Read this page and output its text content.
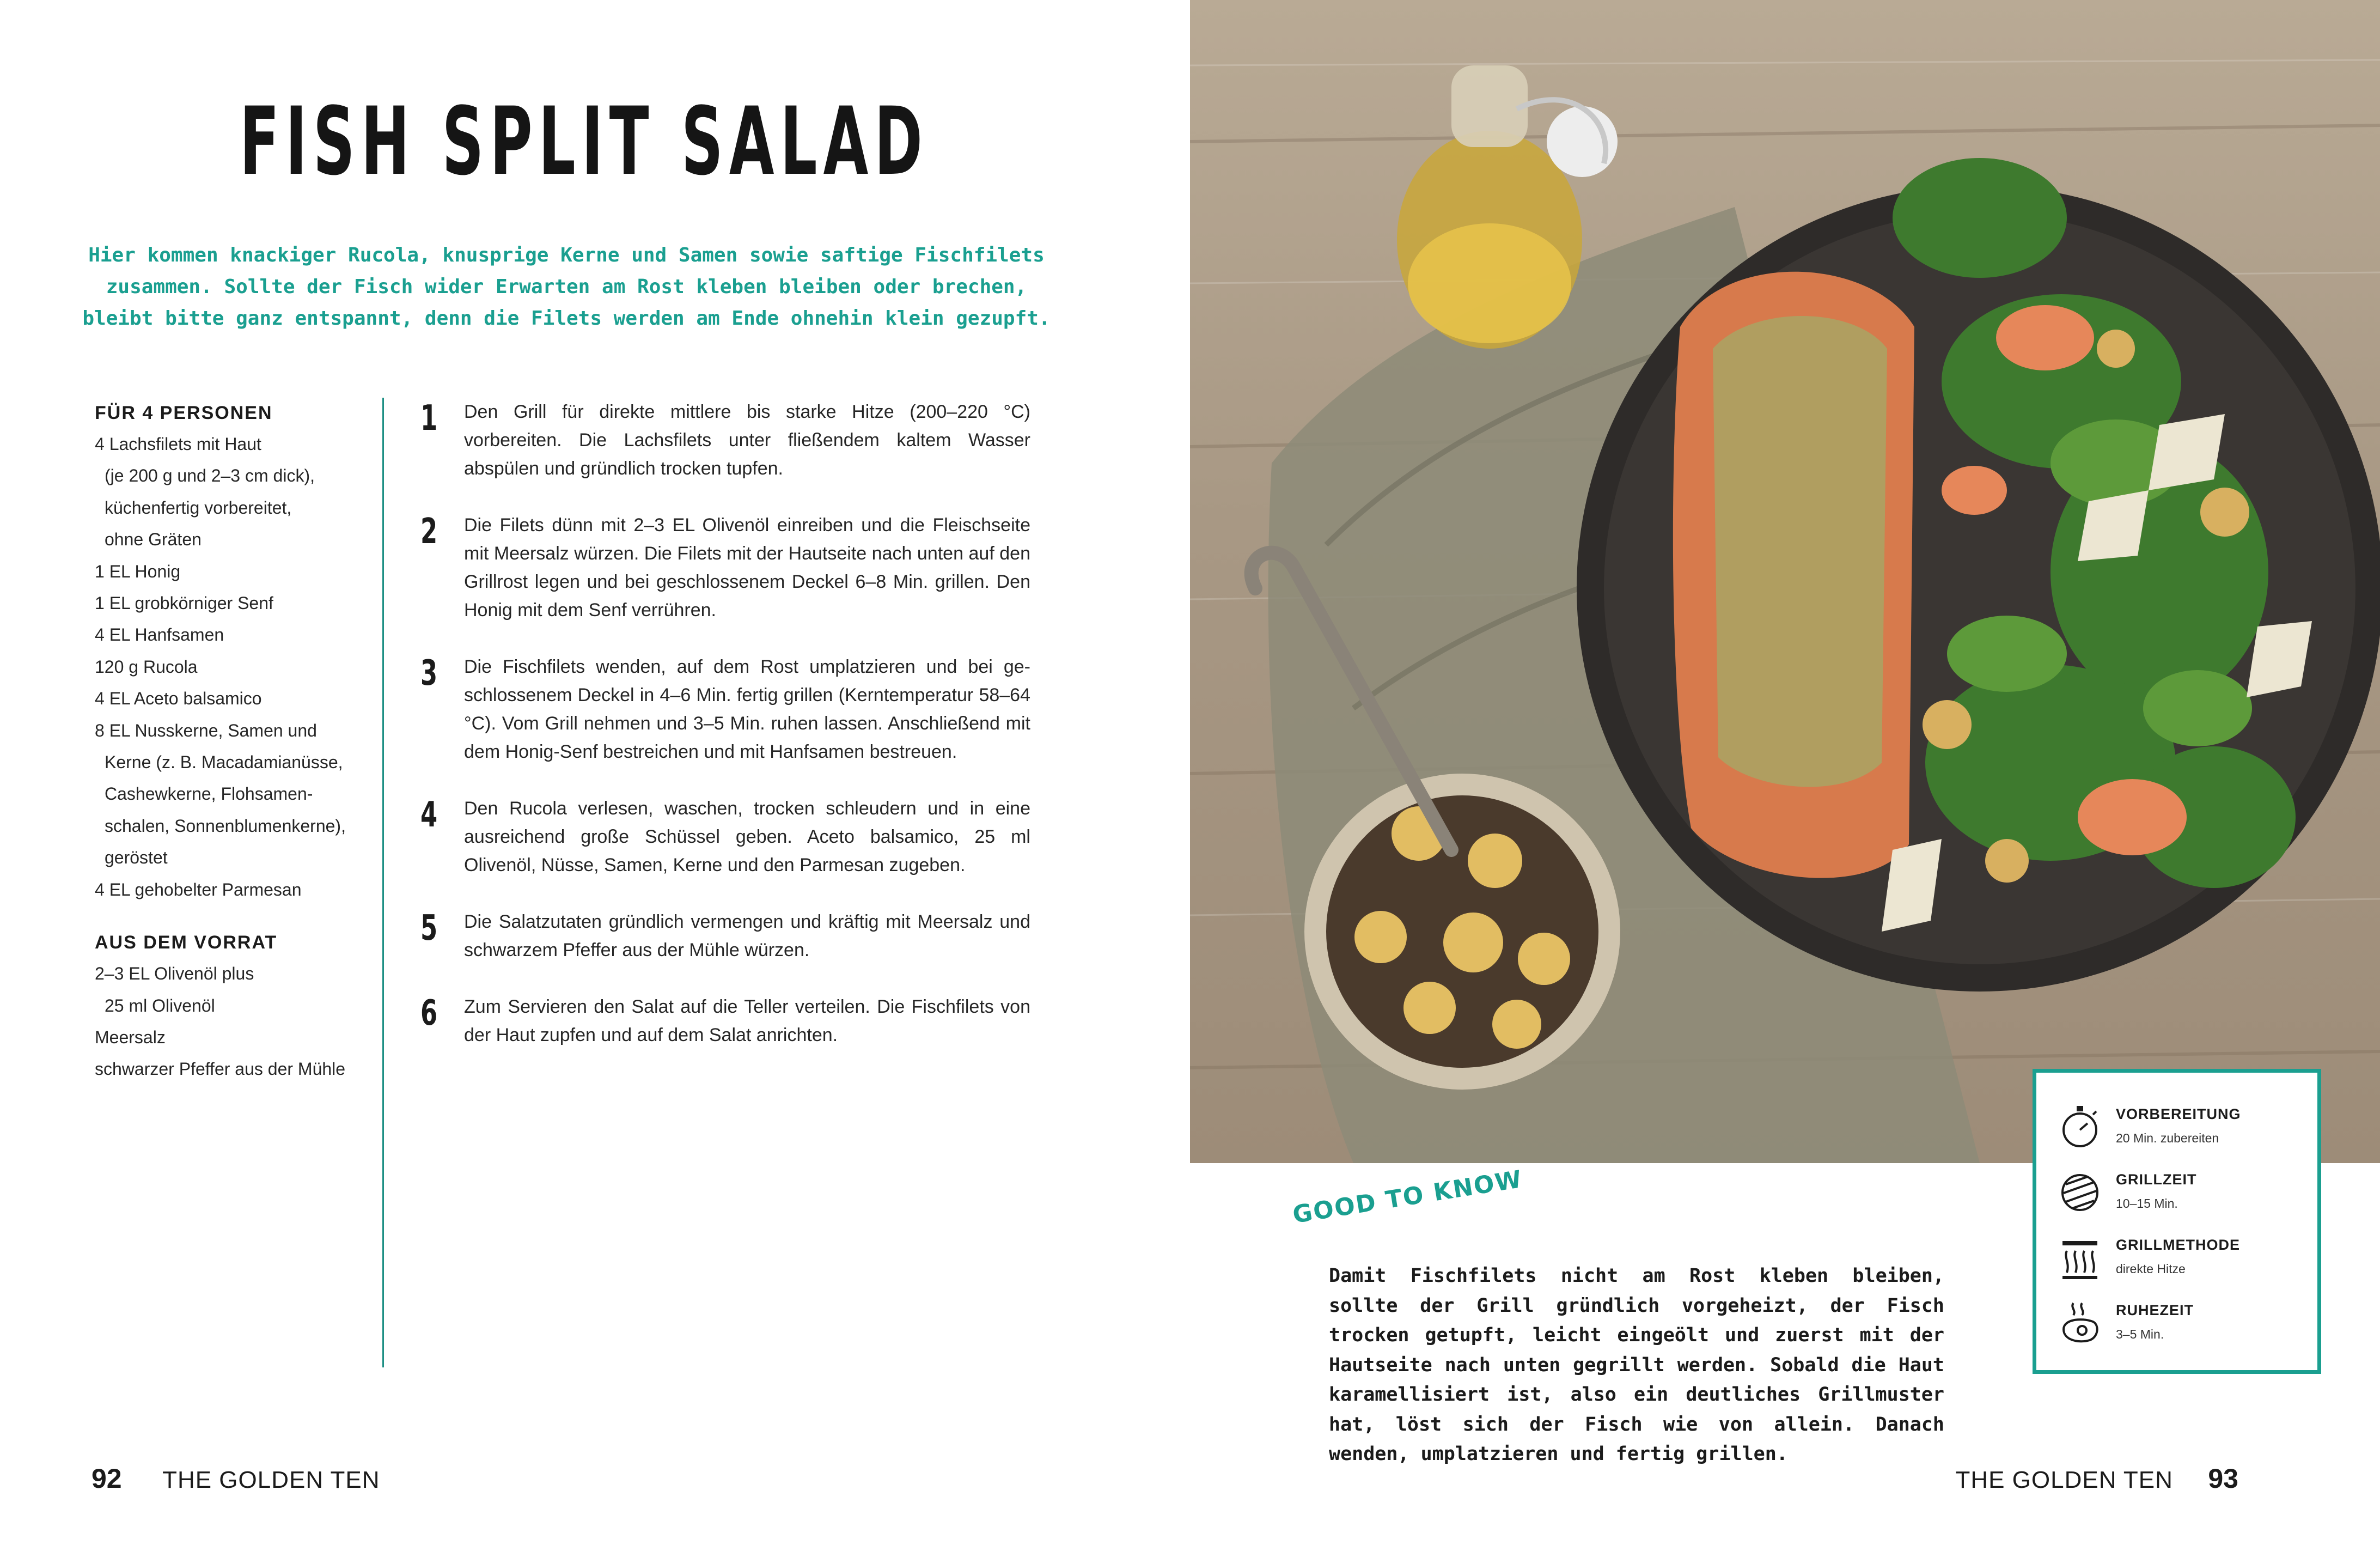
FISH SPLIT SALAD
Hier kommen knackiger Rucola, knusprige Kerne und Samen sowie saftige Fischfilets zusammen. Sollte der Fisch wider Erwarten am Rost kleben bleiben oder brechen, bleibt bitte ganz entspannt, denn die Filets werden am Ende ohnehin klein gezupft.
FÜR 4 PERSONEN
4 Lachsfilets mit Haut
(je 200 g und 2–3 cm dick),
küchenfertig vorbereitet,
ohne Gräten
1 EL Honig
1 EL grobkörniger Senf
4 EL Hanfsamen
120 g Rucola
4 EL Aceto balsamico
8 EL Nusskerne, Samen und
Kerne (z. B. Macadamianüsse,
Cashewkerne, Flohsamen-
schalen, Sonnenblumenkerne),
geröstet
4 EL gehobelter Parmesan
AUS DEM VORRAT
2–3 EL Olivenöl plus
25 ml Olivenöl
Meersalz
schwarzer Pfeffer aus der Mühle
1	Den Grill für direkte mittlere bis starke Hitze (200–220 °C) vorbereiten. Die Lachsfilets unter fließendem kaltem Wasser abspülen und gründlich trocken tupfen.
2	Die Filets dünn mit 2–3 EL Olivenöl einreiben und die Fleischseite mit Meersalz würzen. Die Filets mit der Hautseite nach unten auf den Grillrost legen und bei geschlossenem Deckel 6–8 Min. grillen. Den Honig mit dem Senf verrühren.
3	Die Fischfilets wenden, auf dem Rost umplatzieren und bei geschlossenem Deckel in 4–6 Min. fertig grillen (Kerntemperatur 58–64 °C). Vom Grill nehmen und 3–5 Min. ruhen lassen. Anschließend mit dem Honig-Senf bestreichen und mit Hanfsamen bestreuen.
4	Den Rucola verlesen, waschen, trocken schleudern und in eine ausreichend große Schüssel geben. Aceto balsamico, 25 ml Olivenöl, Nüsse, Samen, Kerne und den Parmesan zugeben.
5	Die Salatzutaten gründlich vermengen und kräftig mit Meersalz und schwarzem Pfeffer aus der Mühle würzen.
6	Zum Servieren den Salat auf die Teller verteilen. Die Fischfilets von der Haut zupfen und auf dem Salat anrichten.
92 THE GOLDEN TEN
GOOD TO KNOW
Damit Fischfilets nicht am Rost kleben bleiben, sollte der Grill gründlich vorgeheizt, der Fisch trocken getupft, leicht eingeölt und zuerst mit der Hautseite nach unten gegrillt werden. Sobald die Haut karamellisiert ist, also ein deutliches Grillmuster hat, löst sich der Fisch wie von allein. Danach wenden, umplatzieren und fertig grillen.
VORBEREITUNG
20 Min. zubereiten
GRILLZEIT
10–15 Min.
GRILLMETHODE
direkte Hitze
RUHEZEIT
3–5 Min.
THE GOLDEN TEN 93
